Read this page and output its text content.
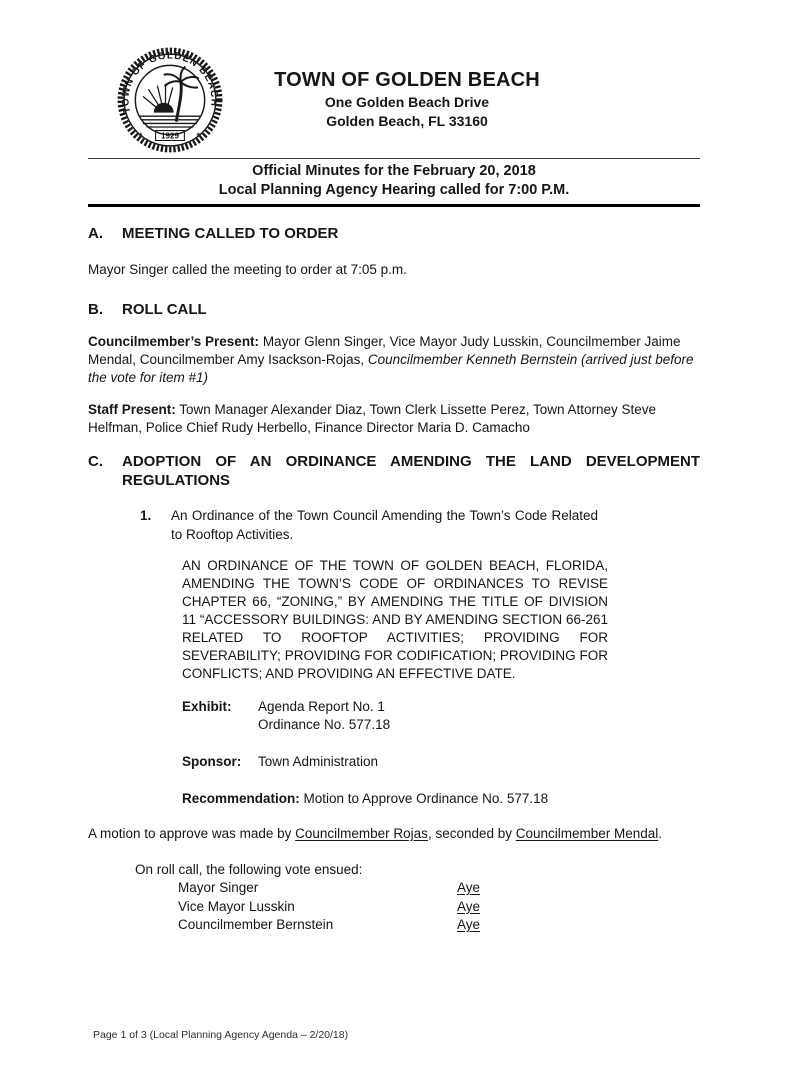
TOWN OF GOLDEN BEACH
✶	✶
1929
TOWN OF GOLDEN BEACH
One Golden Beach Drive
Golden Beach, FL 33160
Official Minutes for the February 20, 2018
Local Planning Agency Hearing called for 7:00 P.M.
A.	MEETING CALLED TO ORDER
Mayor Singer called the meeting to order at 7:05 p.m.
B.	ROLL CALL
Councilmember’s Present: Mayor Glenn Singer, Vice Mayor Judy Lusskin, Councilmember Jaime Mendal, Councilmember Amy Isackson-Rojas, Councilmember Kenneth Bernstein (arrived just before the vote for item #1)
Staff Present: Town Manager Alexander Diaz, Town Clerk Lissette Perez, Town Attorney Steve Helfman, Police Chief Rudy Herbello, Finance Director Maria D. Camacho
C.	ADOPTION OF AN ORDINANCE AMENDING THE LAND DEVELOPMENT REGULATIONS
1.	An Ordinance of the Town Council Amending the Town’s Code Related to Rooftop Activities.
AN ORDINANCE OF THE TOWN OF GOLDEN BEACH, FLORIDA, AMENDING THE TOWN’S CODE OF ORDINANCES TO REVISE CHAPTER 66, “ZONING,” BY AMENDING THE TITLE OF DIVISION 11 “ACCESSORY BUILDINGS: AND BY AMENDING SECTION 66-261 RELATED TO ROOFTOP ACTIVITIES; PROVIDING FOR SEVERABILITY; PROVIDING FOR CODIFICATION; PROVIDING FOR CONFLICTS; AND PROVIDING AN EFFECTIVE DATE.
Exhibit:	Agenda Report No. 1
Ordinance No. 577.18
Sponsor:	Town Administration
Recommendation: Motion to Approve Ordinance No. 577.18
A motion to approve was made by Councilmember Rojas, seconded by Councilmember Mendal.
On roll call, the following vote ensued:
Mayor Singer	Aye
Vice Mayor Lusskin	Aye
Councilmember Bernstein	Aye
Page 1 of 3 (Local Planning Agency Agenda – 2/20/18)
